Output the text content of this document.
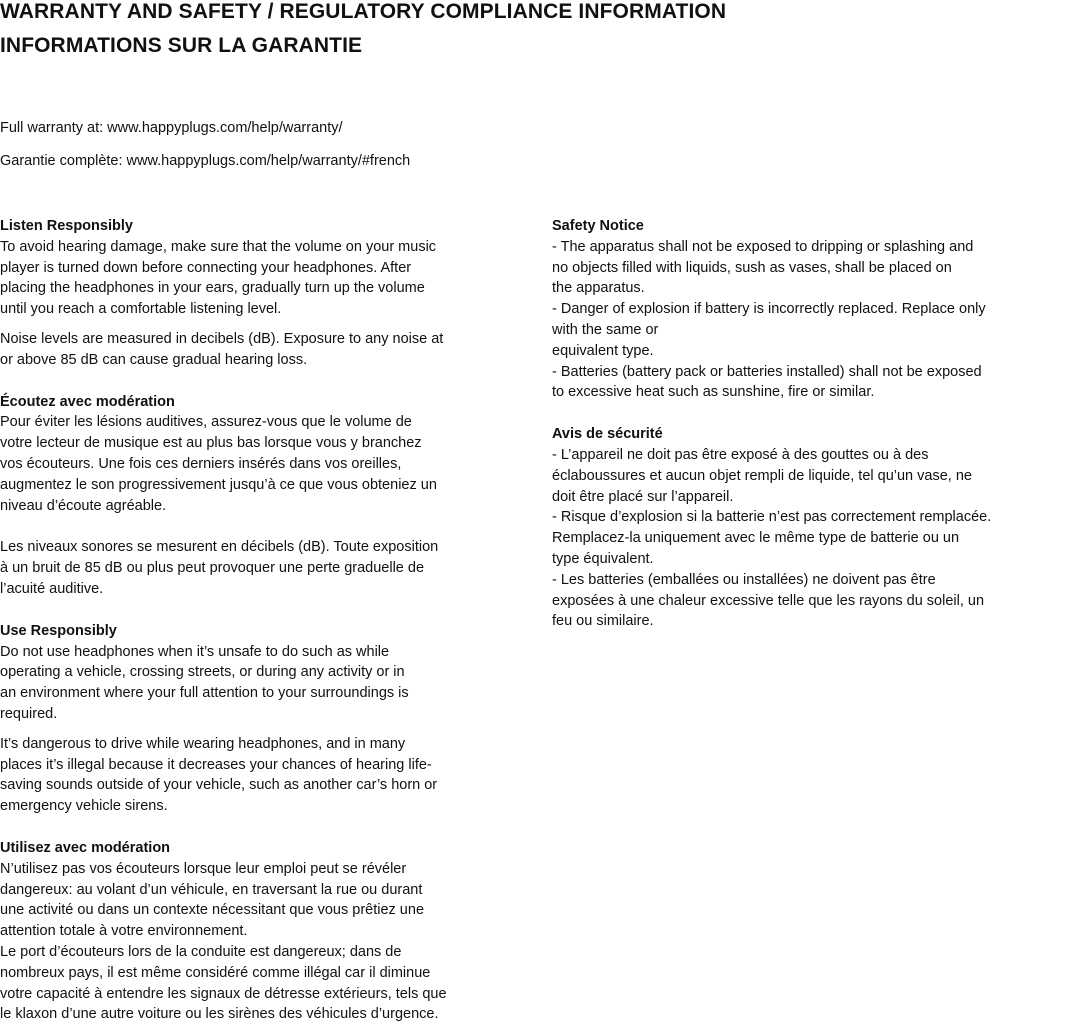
WARRANTY AND SAFETY / REGULATORY COMPLIANCE INFORMATION
INFORMATIONS SUR LA GARANTIE

Full warranty at: www.happyplugs.com/help/warranty/

Garantie complète: www.happyplugs.com/help/warranty/#french

Listen Responsibly
To avoid hearing damage, make sure that the volume on your music
player is turned down before connecting your headphones. After
placing the headphones in your ears, gradually turn up the volume
until you reach a comfortable listening level.
Noise levels are measured in decibels (dB). Exposure to any noise at
or above 85 dB can cause gradual hearing loss.
Écoutez avec modération
Pour éviter les lésions auditives, assurez-vous que le volume de
votre lecteur de musique est au plus bas lorsque vous y branchez
vos écouteurs. Une fois ces derniers insérés dans vos oreilles,
augmentez le son progressivement jusqu’à ce que vous obteniez un
niveau d’écoute agréable.
Les niveaux sonores se mesurent en décibels (dB). Toute exposition
à un bruit de 85 dB ou plus peut provoquer une perte graduelle de
l’acuité auditive.
Use Responsibly
Do not use headphones when it’s unsafe to do such as while
operating a vehicle, crossing streets, or during any activity or in
an environment where your full attention to your surroundings is
required.
It’s dangerous to drive while wearing headphones, and in many
places it’s illegal because it decreases your chances of hearing life-
saving sounds outside of your vehicle, such as another car’s horn or
emergency vehicle sirens.
Utilisez avec modération
N’utilisez pas vos écouteurs lorsque leur emploi peut se révéler
dangereux: au volant d’un véhicule, en traversant la rue ou durant
une activité ou dans un contexte nécessitant que vous prêtiez une
attention totale à votre environnement.
Le port d’écouteurs lors de la conduite est dangereux; dans de
nombreux pays, il est même considéré comme illégal car il diminue
votre capacité à entendre les signaux de détresse extérieurs, tels que
le klaxon d’une autre voiture ou les sirènes des véhicules d’urgence.
Safety Notice
- The apparatus shall not be exposed to dripping or splashing and
no objects filled with liquids, sush as vases, shall be placed on
the apparatus.
- Danger of explosion if battery is incorrectly replaced. Replace only
with the same or
equivalent type.
- Batteries (battery pack or batteries installed) shall not be exposed
to excessive heat such as sunshine, fire or similar.
Avis de sécurité
- L’appareil ne doit pas être exposé à des gouttes ou à des
éclaboussures et aucun objet rempli de liquide, tel qu’un vase, ne
doit être placé sur l’appareil.
- Risque d’explosion si la batterie n’est pas correctement remplacée.
Remplacez-la uniquement avec le même type de batterie ou un
type équivalent.
- Les batteries (emballées ou installées) ne doivent pas être
exposées à une chaleur excessive telle que les rayons du soleil, un
feu ou similaire.
